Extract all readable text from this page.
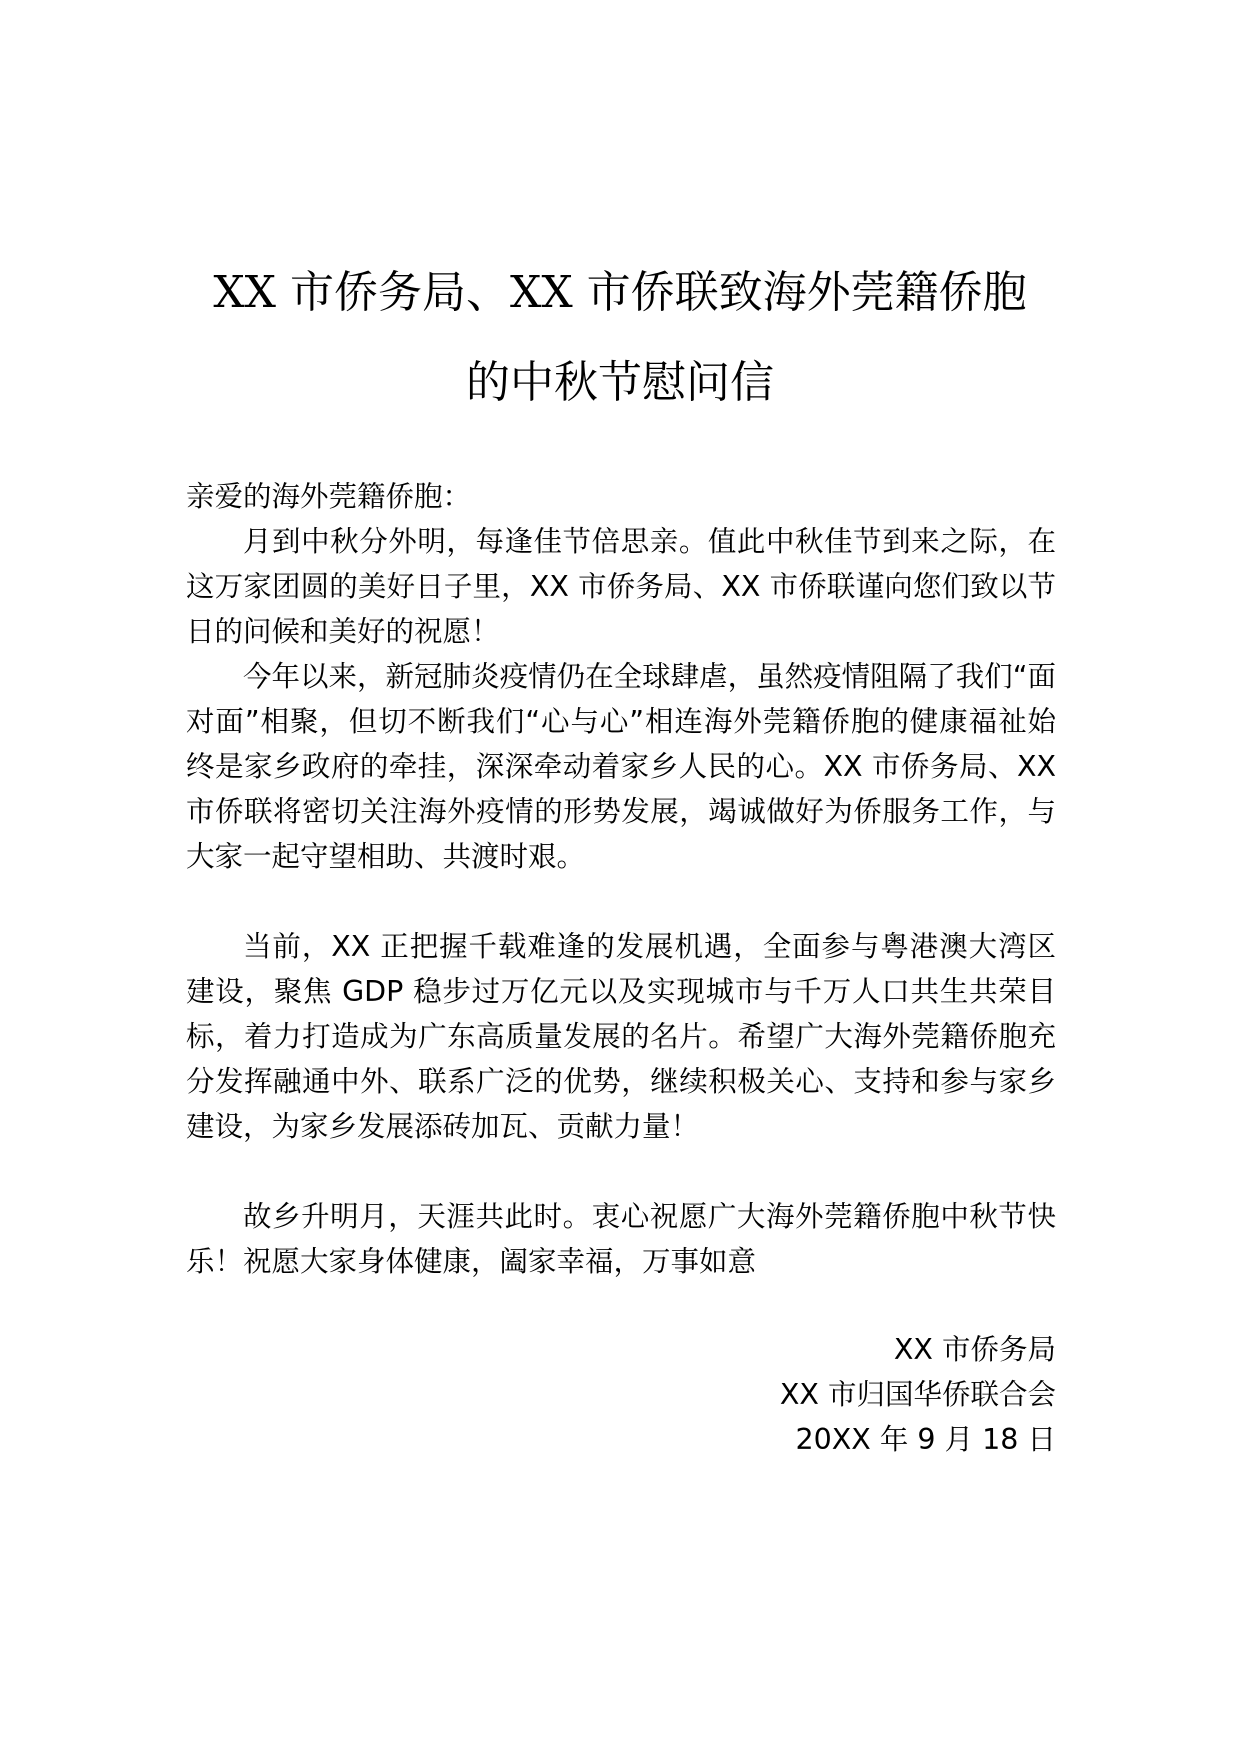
XX 市侨务局、XX 市侨联致海外莞籍侨胞
的中秋节慰问信

亲爱的海外莞籍侨胞：

月到中秋分外明，每逢佳节倍思亲。值此中秋佳节到来之际，在这万家团圆的美好日子里，XX 市侨务局、XX 市侨联谨向您们致以节日的问候和美好的祝愿！

今年以来，新冠肺炎疫情仍在全球肆虐，虽然疫情阻隔了我们“面对面”相聚，但切不断我们“心与心”相连海外莞籍侨胞的健康福祉始终是家乡政府的牵挂，深深牵动着家乡人民的心。XX 市侨务局、XX 市侨联将密切关注海外疫情的形势发展，竭诚做好为侨服务工作，与大家一起守望相助、共渡时艰。

当前，XX 正把握千载难逢的发展机遇，全面参与粤港澳大湾区建设，聚焦 GDP 稳步过万亿元以及实现城市与千万人口共生共荣目标，着力打造成为广东高质量发展的名片。希望广大海外莞籍侨胞充分发挥融通中外、联系广泛的优势，继续积极关心、支持和参与家乡建设，为家乡发展添砖加瓦、贡献力量！

故乡升明月，天涯共此时。衷心祝愿广大海外莞籍侨胞中秋节快乐！祝愿大家身体健康，阖家幸福，万事如意

XX 市侨务局
XX 市归国华侨联合会
20XX 年 9 月 18 日
